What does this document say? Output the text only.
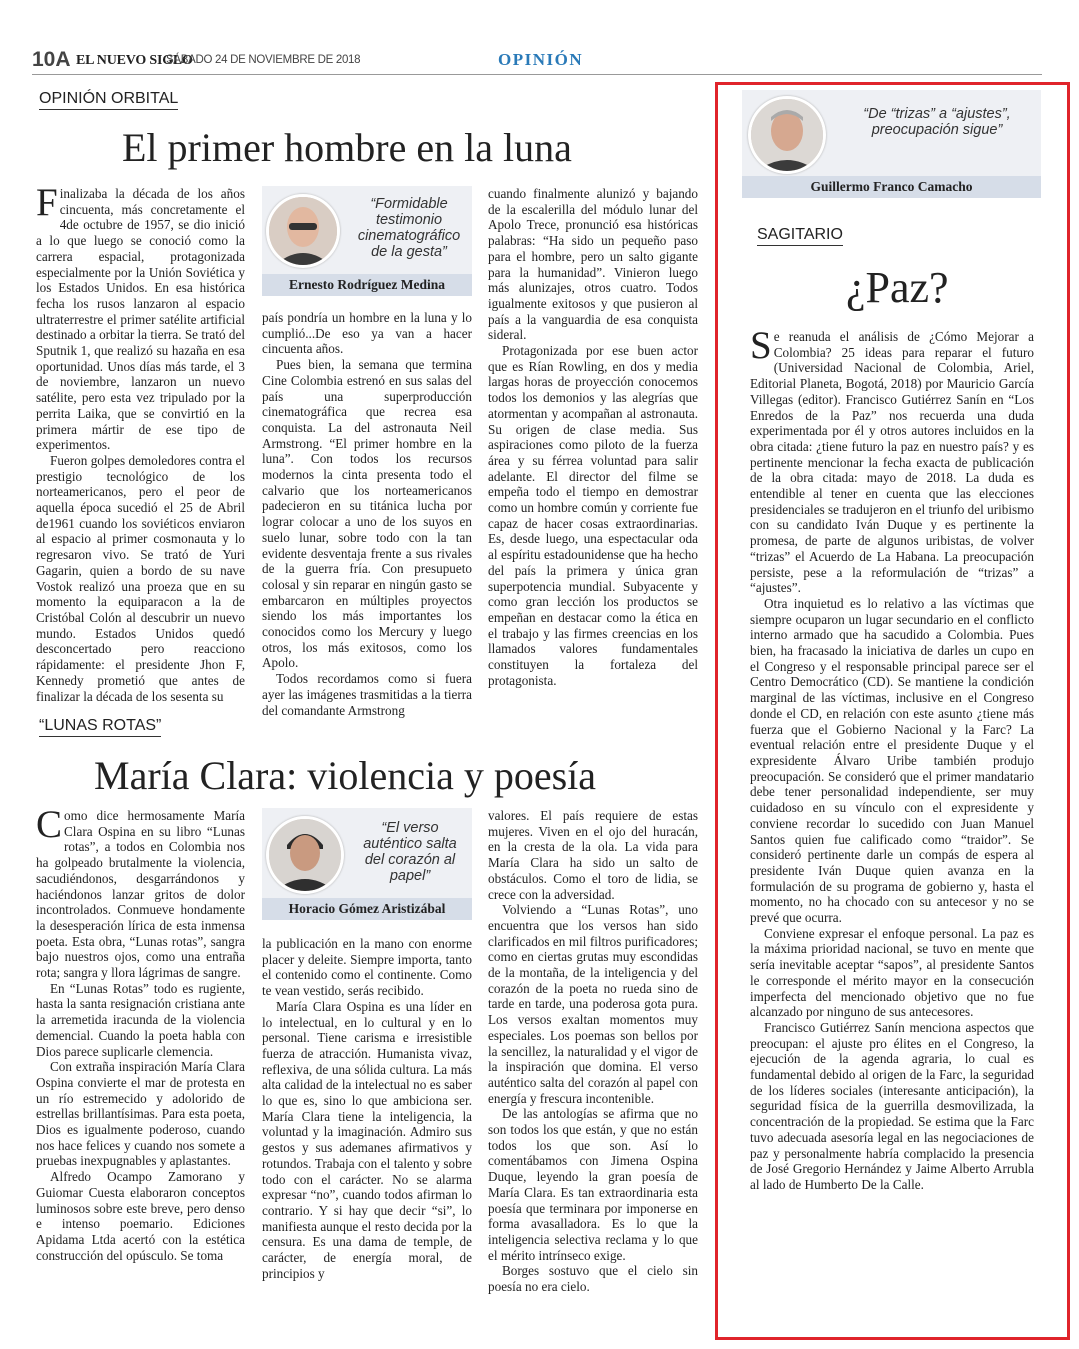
10A EL NUEVO SIGLO
SÁBADO 24 DE NOVIEMBRE DE 2018	OPINIÓN
OPINIÓN ORBITAL
El primer hombre en la luna

Finalizaba la década de los años cincuenta, más concretamente el 4de octubre de 1957, se dio inició a lo que luego se conoció como la carrera espacial, protagonizada especialmente por la Unión Soviética y los Estados Unidos. En esa histórica fecha los rusos lanzaron al espacio ultraterrestre el primer satélite artificial destinado a orbitar la tierra. Se trató del Sputnik 1, que realizó su hazaña en esa oportunidad. Unos días más tarde, el 3 de noviembre, lanzaron un nuevo satélite, pero esta vez tripulado por la perrita Laika, que se convirtió en la primera mártir de ese tipo de experimentos.

Fueron golpes demoledores contra el prestigio tecnológico de los norteamericanos, pero el peor de aquella época sucedió el 25 de Abril de1961 cuando los soviéticos enviaron al espacio al primer cosmonauta y lo regresaron vivo. Se trató de Yuri Gagarin, quien a bordo de su nave Vostok realizó una proeza que en su momento la equiparacon a la de Cristóbal Colón al descubrir un nuevo mundo. Estados Unidos quedó desconcertado pero reacciono rápidamente: el presidente Jhon F, Kennedy prometió que antes de finalizar la década de los sesenta su

“Formidable testimonio cinematográfico de la gesta”
Ernesto Rodríguez Medina

país pondría un hombre en la luna y lo cumplió...De eso ya van a hacer cincuenta años.

Pues bien, la semana que termina Cine Colombia estrenó en sus salas del país una superproducción cinematográfica que recrea esa conquista. La del astronauta Neil Armstrong. “El primer hombre en la luna”. Con todos los recursos modernos la cinta presenta todo el calvario que los norteamericanos padecieron en su titánica lucha por lograr colocar a uno de los suyos en suelo lunar, sobre todo con la tan evidente desventaja frente a sus rivales de la guerra fría. Con presupueto colosal y sin reparar en ningún gasto se embarcaron en múltiples proyectos siendo los más importantes los conocidos como los Mercury y luego otros, los más exitosos, como los Apolo.

Todos recordamos como si fuera ayer las imágenes trasmitidas a la tierra del comandante Armstrong

cuando finalmente alunizó y bajando de la escalerilla del módulo lunar del Apolo Trece, pronunció esa históricas palabras: “Ha sido un pequeño paso para el hombre, pero un salto gigante para la humanidad”. Vinieron luego más alunizajes, otros cuatro. Todos igualmente exitosos y que pusieron al país a la vanguardia de esa conquista sideral.

Protagonizada por ese buen actor que es Rían Rowling, en dos y media largas horas de proyección conocemos todos los demonios y las alegrías que atormentan y acompañan al astronauta. Su origen de clase media. Sus aspiraciones como piloto de la fuerza área y su férrea voluntad para salir adelante. El director del filme se empeña todo el tiempo en demostrar como un hombre común y corriente fue capaz de hacer cosas extraordinarias. Es, desde luego, una espectacular oda al espíritu estadounidense que ha hecho del país la primera y única gran superpotencia mundial. Subyacente y como gran lección los productos se empeñan en destacar como la ética en el trabajo y las firmes creencias en los llamados valores fundamentales constituyen la fortaleza del protagonista.

“LUNAS ROTAS”
María Clara: violencia y poesía

Como dice hermosamente María Clara Ospina en su libro “Lunas rotas”, a todos en Colombia nos ha golpeado brutalmente la violencia, sacudiéndonos, desgarrándonos y haciéndonos lanzar gritos de dolor incontrolados. Conmueve hondamente la desesperación lírica de esta inmensa poeta. Esta obra, “Lunas rotas”, sangra bajo nuestros ojos, como una entraña rota; sangra y llora lágrimas de sangre.

En “Lunas Rotas” todo es rugiente, hasta la santa resignación cristiana ante la arremetida iracunda de la violencia demencial. Cuando la poeta habla con Dios parece suplicarle clemencia.

Con extraña inspiración María Clara Ospina convierte el mar de protesta en un río estremecido y adolorido de estrellas brillantísimas. Para esta poeta, Dios es igualmente poderoso, cuando nos hace felices y cuando nos somete a pruebas inexpugnables y aplastantes.

Alfredo Ocampo Zamorano y Guiomar Cuesta elaboraron conceptos luminosos sobre este breve, pero denso e intenso poemario. Ediciones Apidama Ltda acertó con la estética construcción del opúsculo. Se toma

“El verso auténtico salta del corazón al papel”
Horacio Gómez Aristizábal

la publicación en la mano con enorme placer y deleite. Siempre importa, tanto el contenido como el continente. Como te vean vestido, serás recibido.

María Clara Ospina es una líder en lo intelectual, en lo cultural y en lo personal. Tiene carisma e irresistible fuerza de atracción. Humanista vivaz, reflexiva, de una sólida cultura. La más alta calidad de la intelectual no es saber lo que es, sino lo que ambiciona ser. María Clara tiene la inteligencia, la voluntad y la imaginación. Admiro sus gestos y sus ademanes afirmativos y rotundos. Trabaja con el talento y sobre todo con el carácter. No se alarma expresar “no”, cuando todos afirman lo contrario. Y si hay que decir “si”, lo manifiesta aunque el resto decida por la censura. Es una dama de temple, de carácter, de energía moral, de principios y

valores. El país requiere de estas mujeres. Viven en el ojo del huracán, en la cresta de la ola. La vida para María Clara ha sido un salto de obstáculos. Como el toro de lidia, se crece con la adversidad.

Volviendo a “Lunas Rotas”, uno encuentra que los versos han sido clarificados en mil filtros purificadores; como en ciertas grutas muy escondidas de la montaña, de la inteligencia y del corazón de la poeta no rueda sino de tarde en tarde, una poderosa gota pura. Los versos exaltan momentos muy especiales. Los poemas son bellos por la sencillez, la naturalidad y el vigor de la inspiración que domina. El verso auténtico salta del corazón al papel con energía y frescura incontenible.

De las antologías se afirma que no son todos los que están, y que no están todos los que son. Así lo comentábamos con Jimena Ospina Duque, leyendo la gran poesía de María Clara. Es tan extraordinaria esta poesía que terminara por imponerse en forma avasalladora. Es lo que la inteligencia selectiva reclama y lo que el mérito intrínseco exige.

Borges sostuvo que el cielo sin poesía no era cielo.

“De “trizas” a “ajustes”, preocupación sigue”
Guillermo Franco Camacho
SAGITARIO
¿Paz?

Se reanuda el análisis de ¿Cómo Mejorar a Colombia? 25 ideas para reparar el futuro (Universidad Nacional de Colombia, Ariel, Editorial Planeta, Bogotá, 2018) por Mauricio García Villegas (editor). Francisco Gutiérrez Sanín en “Los Enredos de la Paz” nos recuerda una duda experimentada por él y otros autores incluidos en la obra citada: ¿tiene futuro la paz en nuestro país? y es pertinente mencionar la fecha exacta de publicación de la obra citada: mayo de 2018. La duda es entendible al tener en cuenta que las elecciones presidenciales se tradujeron en el triunfo del uribismo con su candidato Iván Duque y es pertinente la promesa, de parte de algunos uribistas, de volver “trizas” el Acuerdo de La Habana. La preocupación persiste, pese a la reformulación de “trizas” a “ajustes”.

Otra inquietud es lo relativo a las víctimas que siempre ocuparon un lugar secundario en el conflicto interno armado que ha sacudido a Colombia. Pues bien, ha fracasado la iniciativa de darles un cupo en el Congreso y el responsable principal parece ser el Centro Democrático (CD). Se mantiene la condición marginal de las víctimas, inclusive en el Congreso donde el CD, en relación con este asunto ¿tiene más fuerza que el Gobierno Nacional y la Farc? La eventual relación entre el presidente Duque y el expresidente Álvaro Uribe también produjo preocupación. Se consideró que el primer mandatario debe tener personalidad independiente, ser muy cuidadoso en su vínculo con el expresidente y conviene recordar lo sucedido con Juan Manuel Santos quien fue calificado como “traidor”. Se consideró pertinente darle un compás de espera al presidente Iván Duque quien avanza en la formulación de su programa de gobierno y, hasta el momento, no ha chocado con su antecesor y no se prevé que ocurra.

Conviene expresar el enfoque personal. La paz es la máxima prioridad nacional, se tuvo en mente que sería inevitable aceptar “sapos”, al presidente Santos le corresponde el mérito mayor en la consecución imperfecta del mencionado objetivo que no fue alcanzado por ninguno de sus antecesores.

Francisco Gutiérrez Sanín menciona aspectos que preocupan: el ajuste pro élites en el Congreso, la ejecución de la agenda agraria, lo cual es fundamental debido al origen de la Farc, la seguridad de los líderes sociales (interesante anticipación), la seguridad física de la guerrilla desmovilizada, la concentración de la propiedad. Se estima que la Farc tuvo adecuada asesoría legal en las negociaciones de paz y personalmente habría complacido la presencia de José Gregorio Hernández y Jaime Alberto Arrubla al lado de Humberto De la Calle.
